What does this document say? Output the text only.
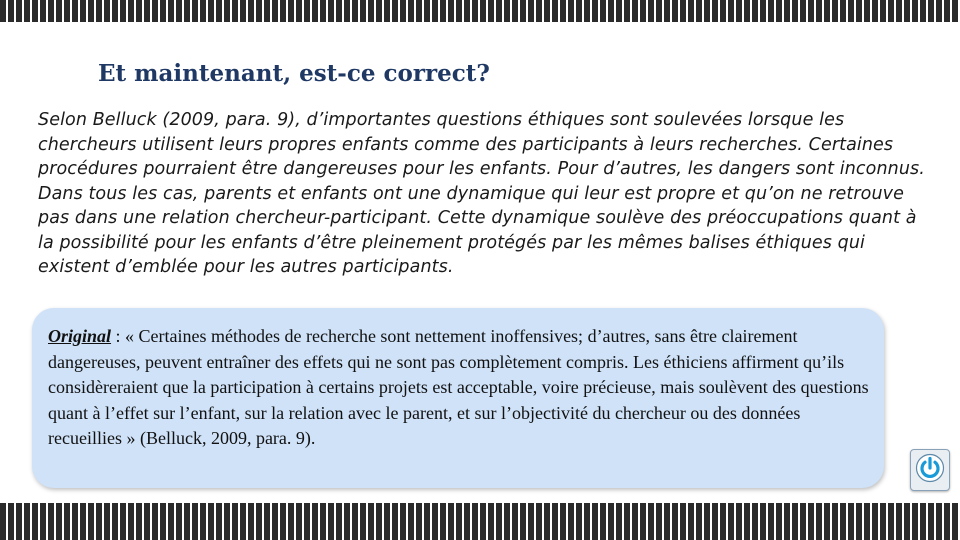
Et maintenant, est-ce correct?

Selon Belluck (2009, para. 9), d’importantes questions éthiques sont soulevées lorsque les chercheurs utilisent leurs propres enfants comme des participants à leurs recherches. Certaines procédures pourraient être dangereuses pour les enfants. Pour d’autres, les dangers sont inconnus. Dans tous les cas, parents et enfants ont une dynamique qui leur est propre et qu’on ne retrouve pas dans une relation chercheur-participant. Cette dynamique soulève des préoccupations quant à la possibilité pour les enfants d’être pleinement protégés par les mêmes balises éthiques qui existent d’emblée pour les autres participants.

Original : « Certaines méthodes de recherche sont nettement inoffensives; d’autres, sans être clairement dangereuses, peuvent entraîner des effets qui ne sont pas complètement compris. Les éthiciens affirment qu’ils considèreraient que la participation à certains projets est acceptable, voire précieuse, mais soulèvent des questions quant à l’effet sur l’enfant, sur la relation avec le parent, et sur l’objectivité du chercheur ou des données recueillies » (Belluck, 2009, para. 9).
